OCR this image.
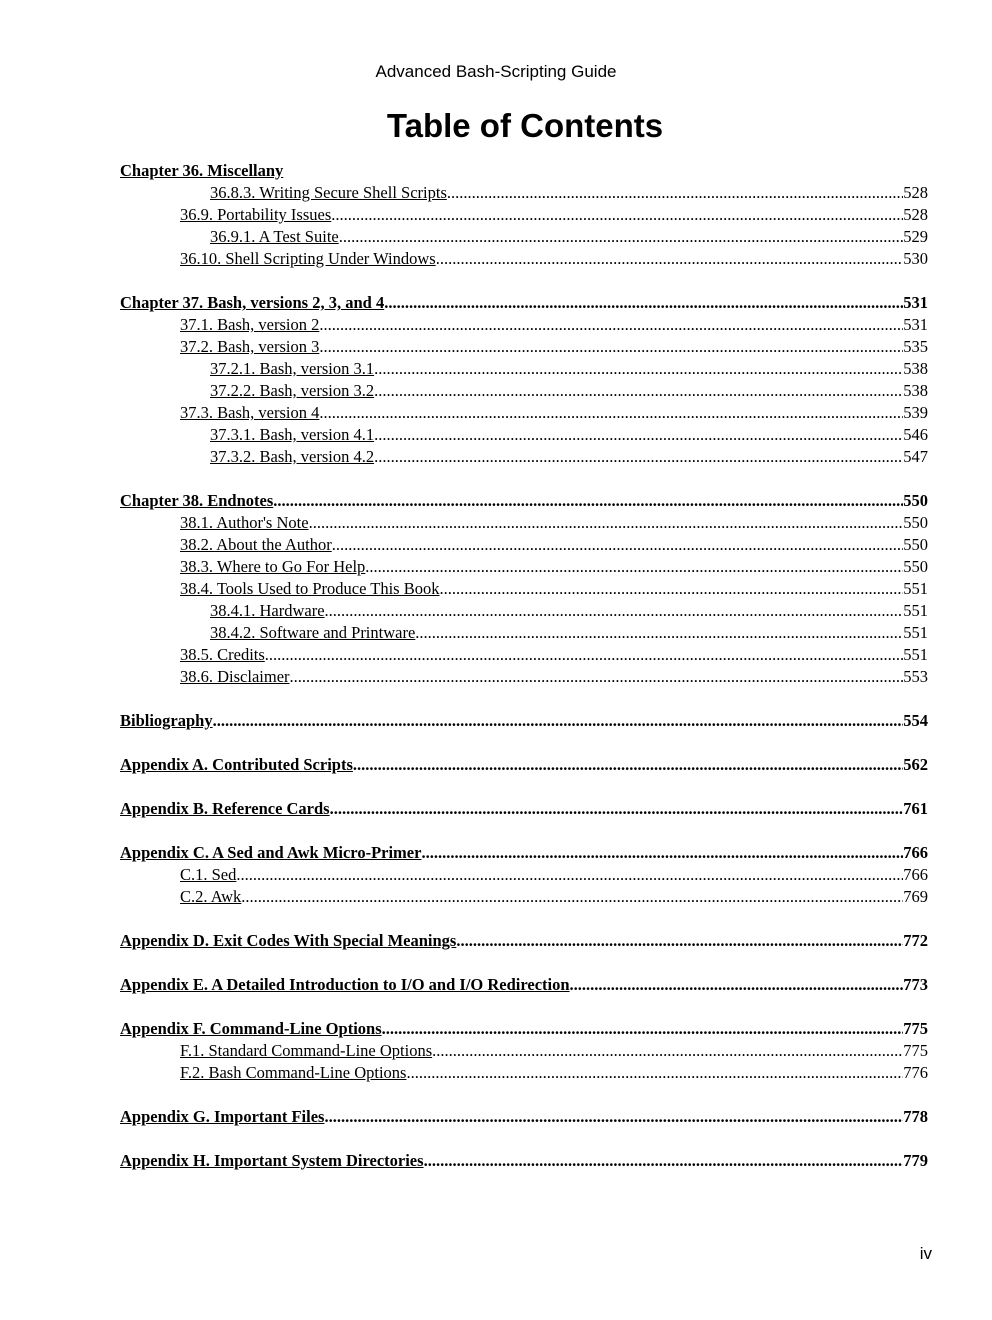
Advanced Bash-Scripting Guide
Table of Contents
Chapter 36. Miscellany
36.8.3. Writing Secure Shell Scripts .....	528
36.9. Portability Issues .....	528
36.9.1. A Test Suite .....	529
36.10. Shell Scripting Under Windows .....	530
Chapter 37. Bash, versions 2, 3, and 4 .....	531
37.1. Bash, version 2 .....	531
37.2. Bash, version 3 .....	535
37.2.1. Bash, version 3.1 .....	538
37.2.2. Bash, version 3.2 .....	538
37.3. Bash, version 4 .....	539
37.3.1. Bash, version 4.1 .....	546
37.3.2. Bash, version 4.2 .....	547
Chapter 38. Endnotes .....	550
38.1. Author's Note .....	550
38.2. About the Author .....	550
38.3. Where to Go For Help .....	550
38.4. Tools Used to Produce This Book .....	551
38.4.1. Hardware .....	551
38.4.2. Software and Printware .....	551
38.5. Credits .....	551
38.6. Disclaimer .....	553
Bibliography .....	554
Appendix A. Contributed Scripts .....	562
Appendix B. Reference Cards .....	761
Appendix C. A Sed and Awk Micro-Primer .....	766
C.1. Sed .....	766
C.2. Awk .....	769
Appendix D. Exit Codes With Special Meanings .....	772
Appendix E. A Detailed Introduction to I/O and I/O Redirection .....	773
Appendix F. Command-Line Options .....	775
F.1. Standard Command-Line Options .....	775
F.2. Bash Command-Line Options .....	776
Appendix G. Important Files .....	778
Appendix H. Important System Directories .....	779
iv
